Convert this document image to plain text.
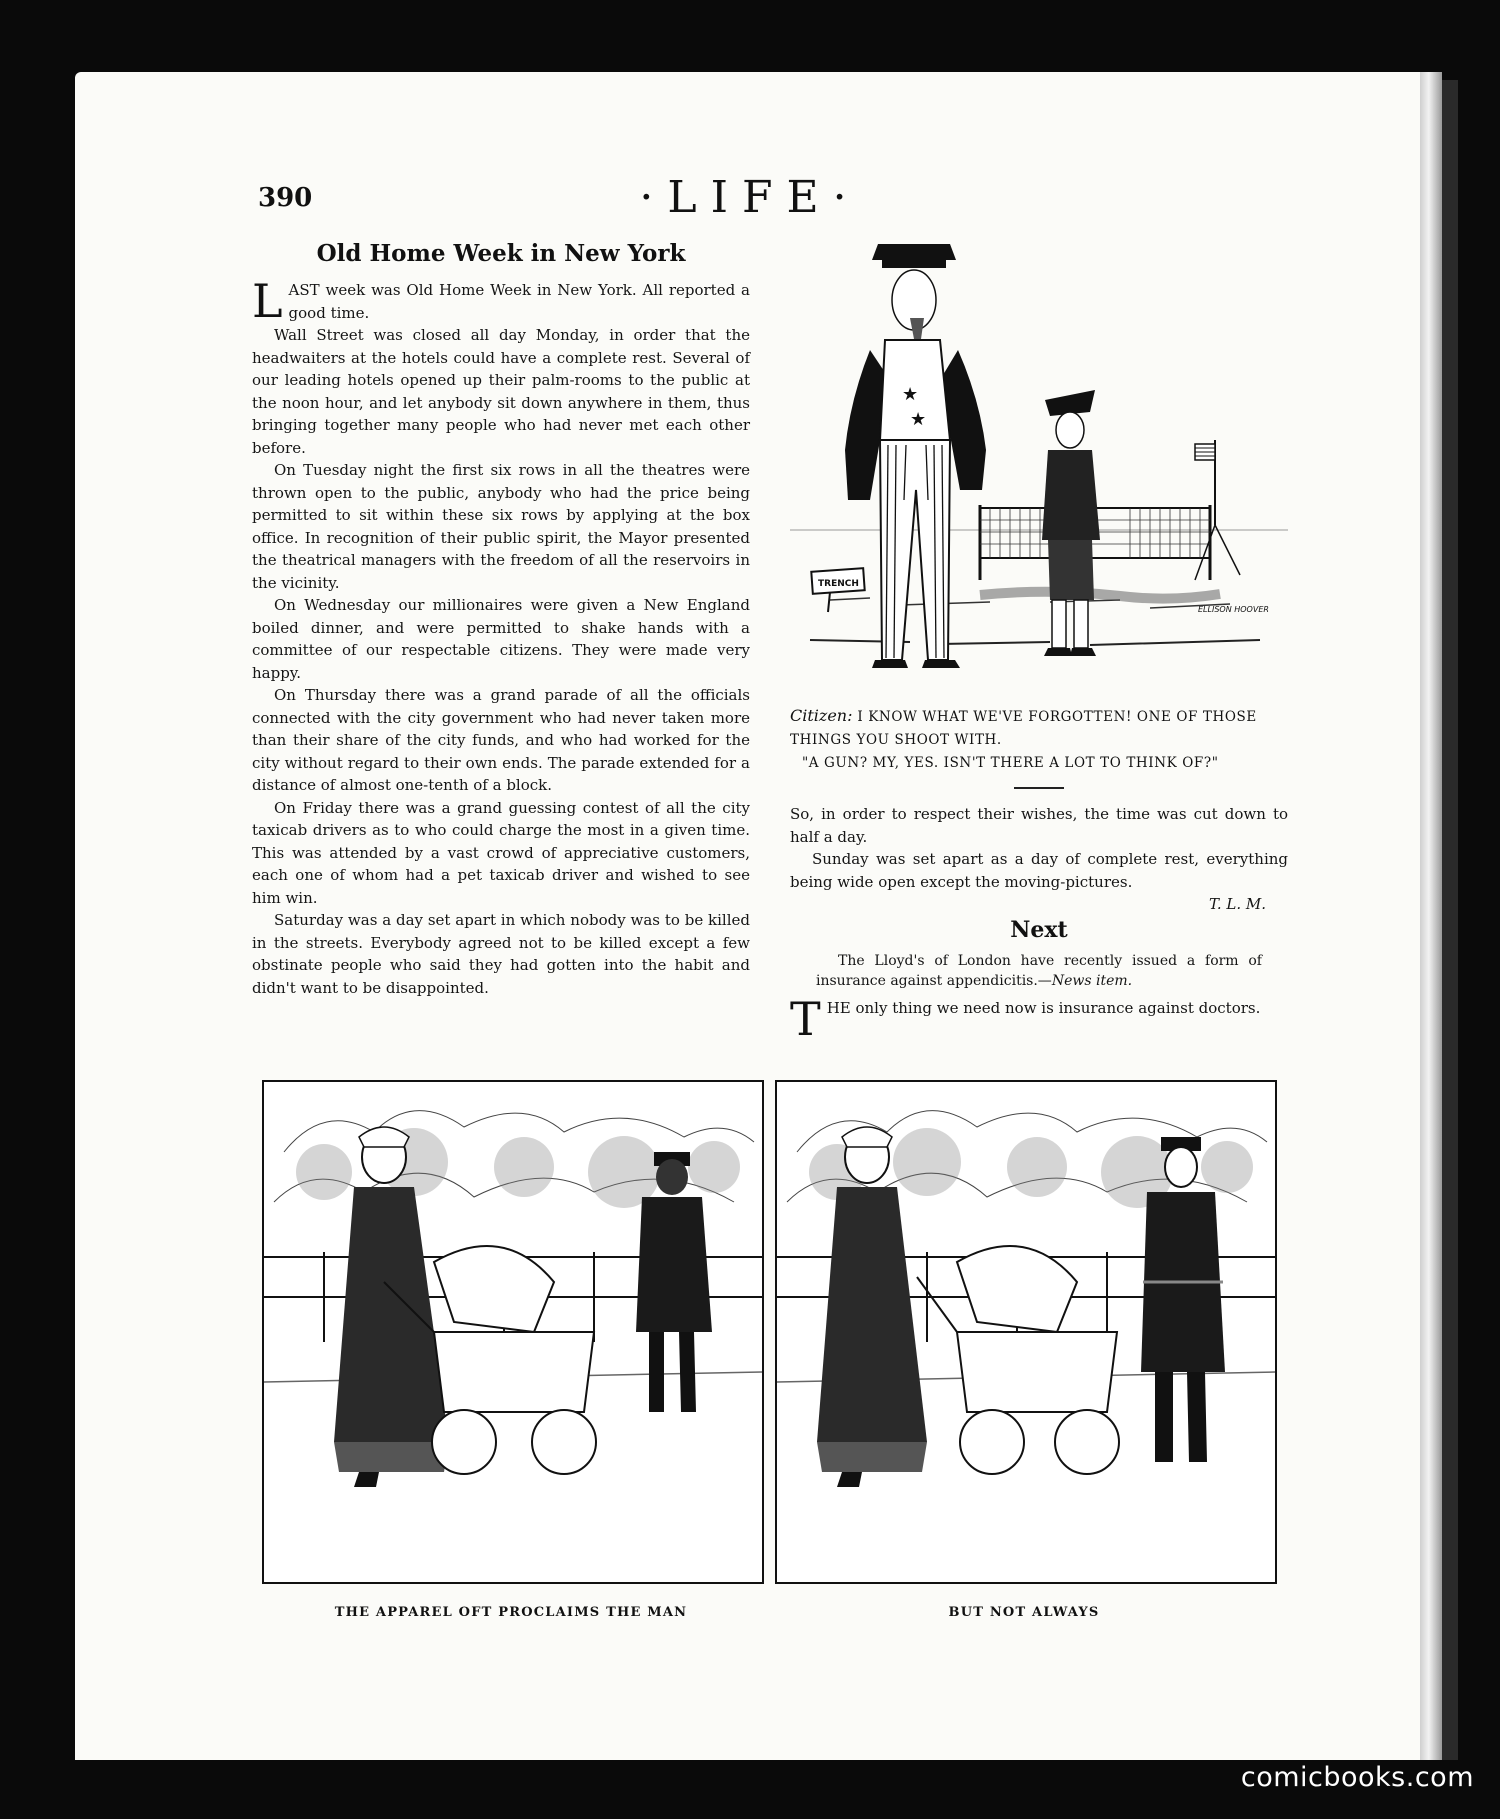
390	·LIFE·
Old Home Week in New York

LAST week was Old Home Week in New York. All reported a good time.

Wall Street was closed all day Monday, in order that the headwaiters at the hotels could have a complete rest. Several of our leading hotels opened up their palm-rooms to the public at the noon hour, and let anybody sit down anywhere in them, thus bringing together many people who had never met each other before.

On Tuesday night the first six rows in all the theatres were thrown open to the public, anybody who had the price being permitted to sit within these six rows by applying at the box office. In recognition of their public spirit, the Mayor presented the theatrical managers with the freedom of all the reservoirs in the vicinity.

On Wednesday our millionaires were given a New England boiled dinner, and were permitted to shake hands with a committee of our respectable citizens. They were made very happy.

On Thursday there was a grand parade of all the officials connected with the city government who had never taken more than their share of the city funds, and who had worked for the city without regard to their own ends. The parade extended for a distance of almost one-tenth of a block.

On Friday there was a grand guessing contest of all the city taxicab drivers as to who could charge the most in a given time. This was attended by a vast crowd of appreciative customers, each one of whom had a pet taxicab driver and wished to see him win.

Saturday was a day set apart in which nobody was to be killed in the streets. Everybody agreed not to be killed except a few obstinate people who said they had gotten into the habit and didn't want to be disappointed.

TRENCH
★
★
ELLISON HOOVER
Citizen: I KNOW WHAT WE'VE FORGOTTEN! ONE OF THOSE
THINGS YOU SHOOT WITH.
"A GUN? MY, YES. ISN'T THERE A LOT TO THINK OF?"

So, in order to respect their wishes, the time was cut down to half a day.

Sunday was set apart as a day of complete rest, everything being wide open except the moving-pictures.

T. L. M.
Next

The Lloyd's of London have recently issued a form of insurance against appendicitis.—News item.

THE only thing we need now is insurance against doctors.

THE APPAREL OFT PROCLAIMS THE MAN	BUT NOT ALWAYS
comicbooks.com
